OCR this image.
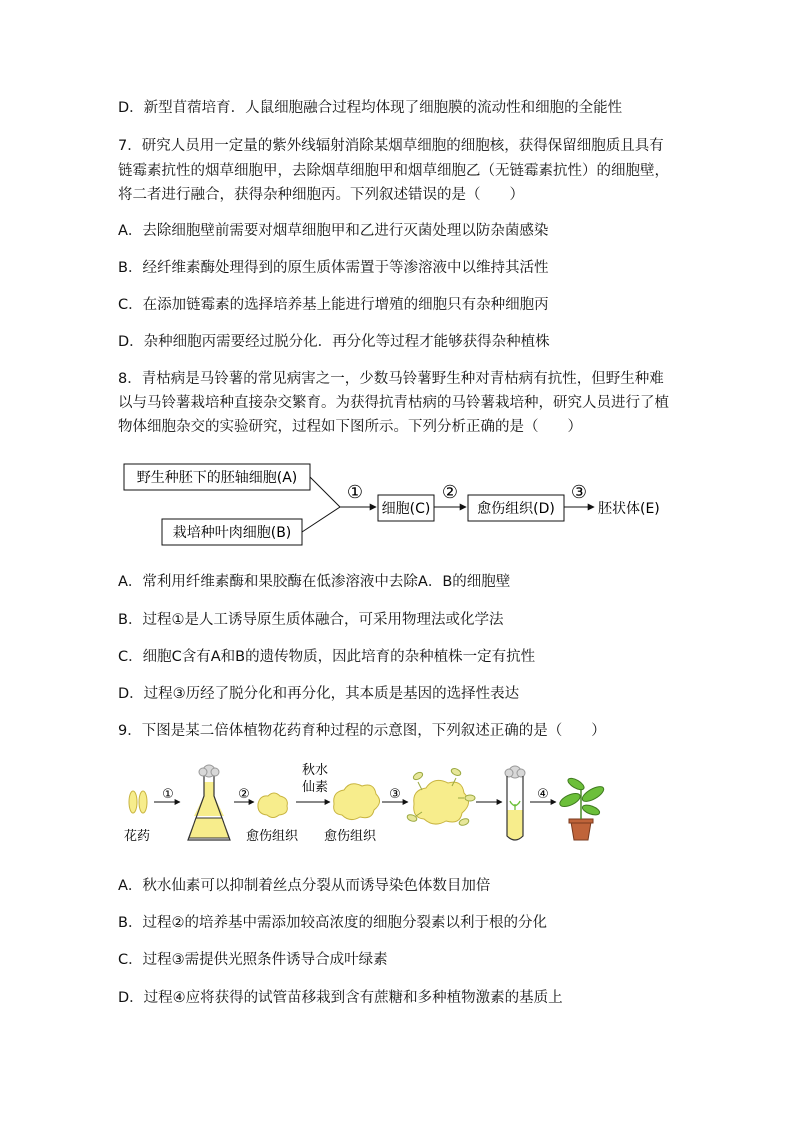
D．新型苜蓿培育．人鼠细胞融合过程均体现了细胞膜的流动性和细胞的全能性
7．研究人员用一定量的紫外线辐射消除某烟草细胞的细胞核，获得保留细胞质且具有
链霉素抗性的烟草细胞甲，去除烟草细胞甲和烟草细胞乙（无链霉素抗性）的细胞壁，
将二者进行融合，获得杂种细胞丙。下列叙述错误的是（　　）
A．去除细胞壁前需要对烟草细胞甲和乙进行灭菌处理以防杂菌感染
B．经纤维素酶处理得到的原生质体需置于等渗溶液中以维持其活性
C．在添加链霉素的选择培养基上能进行增殖的细胞只有杂种细胞丙
D．杂种细胞丙需要经过脱分化．再分化等过程才能够获得杂种植株
8．青枯病是马铃薯的常见病害之一，少数马铃薯野生种对青枯病有抗性，但野生种难
以与马铃薯栽培种直接杂交繁育。为获得抗青枯病的马铃薯栽培种，研究人员进行了植
物体细胞杂交的实验研究，过程如下图所示。下列分析正确的是（　　）
野生种胚下的胚轴细胞(A)
栽培种叶肉细胞(B)
①
细胞(C)
②
愈伤组织(D)
③
胚状体(E)
A．常利用纤维素酶和果胶酶在低渗溶液中去除A．B的细胞壁
B．过程①是人工诱导原生质体融合，可采用物理法或化学法
C．细胞C含有A和B的遗传物质，因此培育的杂种植株一定有抗性
D．过程③历经了脱分化和再分化，其本质是基因的选择性表达
9．下图是某二倍体植物花药育种过程的示意图，下列叙述正确的是（　　）
花药
①	②
愈伤组织
秋水
仙素
愈伤组织
③	④
A．秋水仙素可以抑制着丝点分裂从而诱导染色体数目加倍
B．过程②的培养基中需添加较高浓度的细胞分裂素以利于根的分化
C．过程③需提供光照条件诱导合成叶绿素
D．过程④应将获得的试管苗移栽到含有蔗糖和多种植物激素的基质上
